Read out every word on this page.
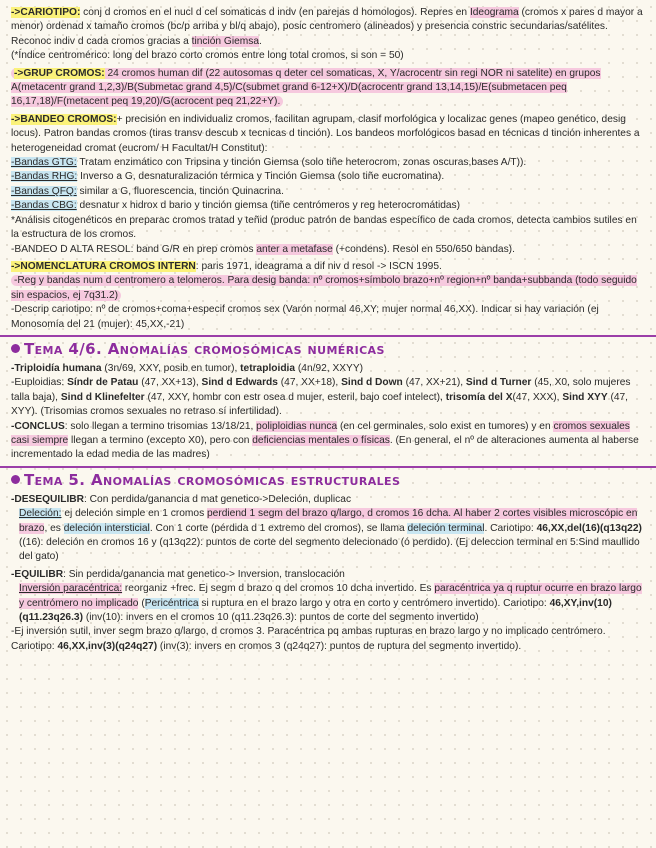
->CARIOTIPO: conj d cromos en el nucl d cel somaticas d indv (en parejas d homologos). Repres en Ideograma (cromos x pares d mayor a menor) ordenad x tamaño cromos (bc/p arriba y bl/q abajo), posic centromero (alineados) y presencia constric secundarias/satélites. Reconoc indiv d cada cromos gracias a tinción Giemsa.
(*Índice centromérico: long del brazo corto cromos entre long total cromos, si son = 50)

->GRUP CROMOS: 24 cromos human dif (22 autosomas q deter cel somaticas, X, Y/acrocentr sin regi NOR ni satelite) en grupos A(metacentr grand 1,2,3)/B(Submetac grand 4,5)/C(submet grand 6-12+X)/D(acrocentr grand 13,14,15)/E(submetacen peq 16,17,18)/F(metacent peq 19,20)/G(acrocent peq 21,22+Y).

->BANDEO CROMOS:+ precisión en individualiz cromos, facilitan agrupam, clasif morfológica y localizac genes (mapeo genético, desig locus). Patron bandas cromos (tiras transv descub x tecnicas d tinción). Los bandeos morfológicos basad en técnicas d tinción inherentes a heterogeneidad cromat (eucrom/ H Facultat/H Constitut):

-Bandas GTG: Tratam enzimático con Tripsina y tinción Giemsa (solo tiñe heterocrom, zonas oscuras,bases A/T)).

-Bandas RHG: Inverso a G, desnaturalización térmica y Tinción Giemsa (solo tiñe eucromatina).

-Bandas QFQ: similar a G, fluorescencia, tinción Quinacrina.

-Bandas CBG: desnatur x hidrox d bario y tinción giemsa (tiñe centrómeros y reg heterocromátidas)

*Análisis citogenéticos en preparac cromos tratad y teñid (produc patrón de bandas específico de cada cromos, detecta cambios sutiles en la estructura de los cromos.

-BANDEO D ALTA RESOL: band G/R en prep cromos anter a metafase (+condens). Resol en 550/650 bandas).

->NOMENCLATURA CROMOS INTERN: paris 1971, ideagrama a dif niv d resol -> ISCN 1995.

-Reg y bandas num d centromero a telomeros. Para desig banda: nº cromos+símbolo brazo+nº region+nº banda+subbanda (todo seguido sin espacios, ej 7q31.2)

-Descrip cariotipo: nº de cromos+coma+especif cromos sex (Varón normal 46,XY; mujer normal 46,XX). Indicar si hay variación (ej Monosomía del 21 (mujer): 45,XX,-21)

Tema 4/6. Anomalías cromosómicas numéricas

-Triploidía humana (3n/69, XXY, posib en tumor), tetraploidia (4n/92, XXYY)

-Euploidias: Síndr de Patau (47, XX+13), Sind d Edwards (47, XX+18), Sind d Down (47, XX+21), Sind d Turner (45, X0, solo mujeres talla baja), Sind d Klinefelter (47, XXY, hombr con estr osea d mujer, esteril, bajo coef intelect), trisomía del X(47, XXX), Sind XYY (47, XYY). (Trisomias cromos sexuales no retraso sí infertilidad).

-CONCLUS: solo llegan a termino trisomias 13/18/21, poliploidias nunca (en cel germinales, solo exist en tumores) y en cromos sexuales casi siempre llegan a termino (excepto X0), pero con deficiencias mentales o físicas. (En general, el nº de alteraciones aumenta al haberse incrementado la edad media de las madres)

Tema 5. Anomalías cromosómicas estructurales

-DESEQUILIBR: Con perdida/ganancia d mat genetico->Deleción, duplicac

Deleción: ej deleción simple en 1 cromos perdiend 1 segm del brazo q/largo, d cromos 16 dcha. Al haber 2 cortes visibles microscópic en brazo, es deleción intersticial. Con 1 corte (pérdida d 1 extremo del cromos), se llama deleción terminal. Cariotipo: 46,XX,del(16)(q13q22) ((16): deleción en cromos 16 y (q13q22): puntos de corte del segmento delecionado (ó perdido). (Ej deleccion terminal en 5:Sind maullido del gato)

-EQUILIBR: Sin perdida/ganancia mat genetico-> Inversion, translocación

Inversión paracéntrica: reorganiz +frec. Ej segm d brazo q del cromos 10 dcha invertido. Es paracéntrica ya q ruptur ocurre en brazo largo y centrómero no implicado (Pericéntrica si ruptura en el brazo largo y otra en corto y centrómero invertido). Cariotipo: 46,XY,inv(10)(q11.23q26.3) (inv(10): invers en el cromos 10 (q11.23q26.3): puntos de corte del segmento invertido)

-Ej inversión sutil, inver segm brazo q/largo, d cromos 3. Paracéntrica pq ambas rupturas en brazo largo y no implicado centrómero. Cariotipo: 46,XX,inv(3)(q24q27) (inv(3): invers en cromos 3 (q24q27): puntos de ruptura del segmento invertido).
